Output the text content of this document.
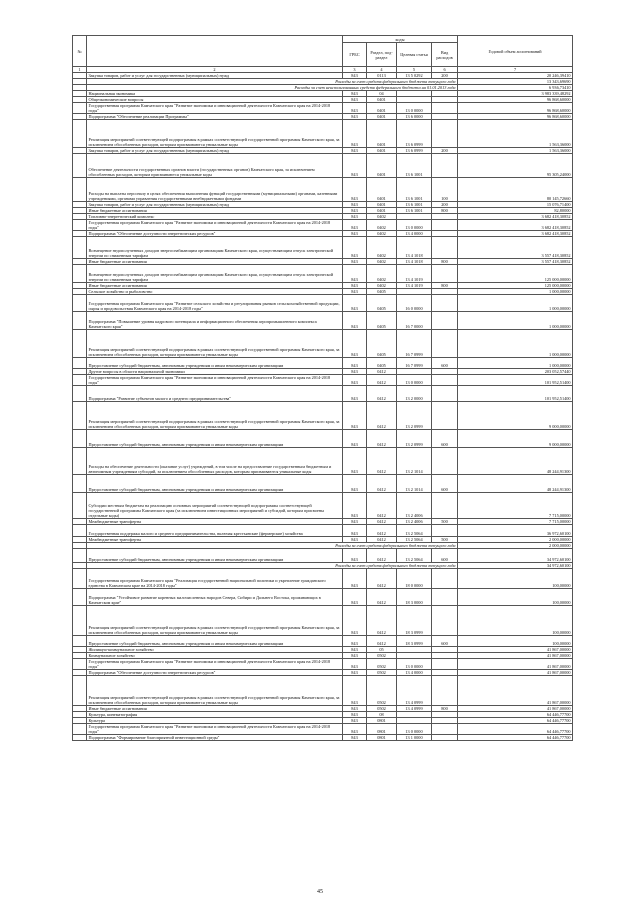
№		коды				Годовой объем ассигнований
		ГРБС	Раздел, под-раздел	Целевая статья	Вид расходов	
1	2	3	4	5	6	7
	Закупка товаров, работ и услуг для государственных (муниципальных) нужд	843	0113	13 5 0292	200	20 246,39410
	Расходы за счет средств федерального бюджета текущего года					13 343,69690
	Расходы за счет неиспользованных средств федерального бюджета на 01.01.2013 года					6 936,73410
	Национальная экономика	843	04			3 983 339,48292
	Общеэкономические вопросы	843	0401			96 868,60000
	Государственная программа Камчатского края "Развитие экономики и инновационной деятельности Камчатского края на 2014-2018 годы"	843	0401	13 0 0000		96 868,60000
	Подпрограмма "Обеспечение реализации Программы"	843	0401	13 6 0000		96 868,60000
	Реализация мероприятий соответствующей подпрограммы в рамках соответствующей государственной программы Камчатского края, за исключением обособленных расходов, которым присваиваются уникальные коды	843	0401	13 6 0999		1 563,36000
	Закупка товаров, работ и услуг для государственных (муниципальных) нужд	843	0401	13 6 0999	200	1 563,36000
	Обеспечение деятельности государственных органов власти (государственных органов) Камчатского края, за исключением обособленных расходов, которым присваиваются уникальные коды	843	0401	13 6 1001		95 305,24000
	Расходы на выплаты персоналу в целях обеспечения выполнения функций государственными (муниципальными) органами, казенными учреждениями, органами управления государственными внебюджетными фондами	843	0401	13 6 1001	100	80 145,72660
	Закупка товаров, работ и услуг для государственных (муниципальных) нужд	843	0401	13 6 1001	200	15 076,71400
	Иные бюджетные ассигнования	843	0401	13 6 1001	800	82,80000
	Топливно-энергетический комплекс	843	0402			3 682 418,30852
	Государственная программа Камчатского края "Развитие экономики и инновационной деятельности Камчатского края на 2014-2018 годы"	843	0402	13 0 0000		3 682 418,30852
	Подпрограмма "Обеспечение доступности энергетических ресурсов"	843	0402	13 4 0000		3 682 418,30852
	Возмещение недополученных доходов энергоснабжающим организациям Камчатского края, осуществляющим отпуск электрической энергии по сниженным тарифам	843	0402	13 4 1018		3 557 418,30852
	Иные бюджетные ассигнования	843	0402	13 4 1018	800	3 557 418,30852
	Возмещение недополученных доходов энергоснабжающим организациям Камчатского края, осуществляющим отпуск электрической энергии по сниженным тарифам	843	0402	13 4 1019		125 000,00000
	Иные бюджетные ассигнования	843	0402	13 4 1019	800	125 000,00000
	Сельское хозяйство и рыболовство	843	0405			1 000,00000
	Государственная программа Камчатского края "Развитие сельского хозяйства и регулирования рынков сельскохозяйственной продукции, сырья и продовольствия Камчатского края на 2014-2018 годы"	843	0405	16 0 0000		1 000,00000
	Подпрограмма "Повышение уровня кадрового потенциала и информационного обеспечения агропромышленного комплекса Камчатского края"	843	0405	16 7 0000		1 000,00000
	Реализация мероприятий соответствующей подпрограммы в рамках соответствующей государственной программы Камчатского края, за исключением обособленных расходов, которым присваиваются уникальные коды	843	0405	16 7 0999		1 000,00000
	Предоставление субсидий бюджетным, автономным учреждениям и иным некоммерческим организациям	843	0405	16 7 0999	600	1 000,00000
	Другие вопросы в области национальной экономики	843	0412			203 052,57440
	Государственная программа Камчатского края "Развитие экономики и инновационной деятельности Камчатского края на 2014-2018 годы"	843	0412	13 0 0000		101 952,51400
	Подпрограмма "Развитие субъектов малого и среднего предпринимательства"	843	0412	13 2 0000		101 952,51400
	Реализация мероприятий соответствующей подпрограммы в рамках соответствующей государственной программы Камчатского края, за исключением обособленных расходов, которым присваиваются уникальные коды	843	0412	13 2 0999		9 000,00000
	Предоставление субсидий бюджетным, автономным учреждениям и иным некоммерческим организациям	843	0412	13 2 0999	600	9 000,00000
	Расходы на обеспечение деятельности (оказание услуг) учреждений, в том числе на предоставление государственным бюджетным и автономным учреждениям субсидий, за исключением обособленных расходов, которым присваиваются уникальные коды	843	0412	13 2 1014		48 244,91300
	Предоставление субсидий бюджетным, автономным учреждениям и иным некоммерческим организациям	843	0412	13 2 1014	600	48 244,91300
	Субсидии местным бюджетам на реализацию основных мероприятий соответствующей подпрограммы соответствующей государственной программы Камчатского края (за исключением инвестиционных мероприятий и субсидий, которым присвоены отдельные коды)	843	0412	13 2 4006		7 715,00000
	Межбюджетные трансферты	843	0412	13 2 4006	500	7 715,00000
	Государственная поддержка малого и среднего предпринимательства, включая крестьянские (фермерские) хозяйства	843	0412	13 2 5064		36 972,60100
	Межбюджетные трансферты	843	0412	13 2 5064	500	2 000,00000
	Расходы за счет средств федерального бюджета текущего года					2 000,00000
	Предоставление субсидий бюджетным, автономным учреждениям и иным некоммерческим организациям	843	0412	13 2 5064	600	34 972,60100
	Расходы за счет средств федерального бюджета текущего года					34 972,60100
	Государственная программа Камчатского края "Реализация государственной национальной политики и укрепление гражданского единства в Камчатском крае на 2014-2018 годы"	843	0412	18 0 0000		100,00000
	Подпрограмма "Устойчивое развитие коренных малочисленных народов Севера, Сибири и Дальнего Востока, проживающих в Камчатском крае"	843	0412	18 3 0000		100,00000
	Реализация мероприятий соответствующей подпрограммы в рамках соответствующей государственной программы Камчатского края, за исключением обособленных расходов, которым присваиваются уникальные коды	843	0412	18 3 0999		100,00000
	Предоставление субсидий бюджетным, автономным учреждениям и иным некоммерческим организациям	843	0412	18 3 0999	600	100,00000
	Жилищно-коммунальное хозяйство	843	05			41 867,00000
	Коммунальное хозяйство	843	0502			41 867,00000
	Государственная программа Камчатского края "Развитие экономики и инновационной деятельности Камчатского края на 2014-2018 годы"	843	0502	13 0 0000		41 867,00000
	Подпрограмма "Обеспечение доступности энергетических ресурсов"	843	0502	13 4 0000		41 867,00000
	Реализация мероприятий соответствующей подпрограммы в рамках соответствующей государственной программы Камчатского края, за исключением обособленных расходов, которым присваиваются уникальные коды	843	0502	13 4 0999		41 867,00000
	Иные бюджетные ассигнования	843	0502	13 4 0999	800	41 867,00000
	Культура, кинематография	843	08			64 446,77700
	Культура	843	0801			64 446,77700
	Государственная программа Камчатского края "Развитие экономики и инновационной деятельности Камчатского края на 2014-2018 годы"	843	0801	13 0 0000		64 446,77700
	Подпрограмма "Формирование благоприятной инвестиционной среды"	843	0801	13 1 0000		64 446,77700
45
